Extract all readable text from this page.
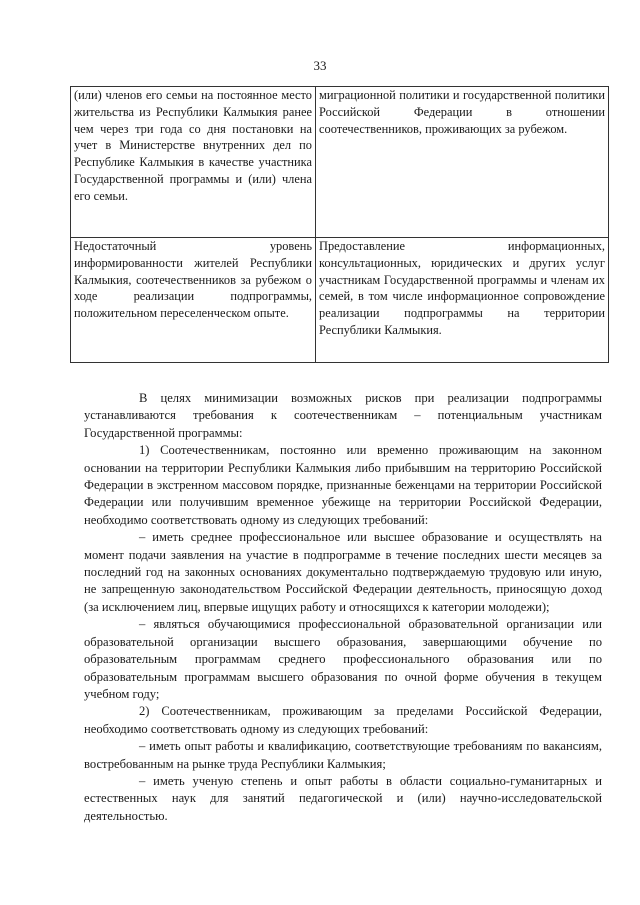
33
(или) членов его семьи на постоянное место жительства из Республики Калмыкия ранее чем через три года со дня постановки на учет в Министерстве внутренних дел по Республике Калмыкия в качестве участника Государственной программы и (или) члена его семьи.	миграционной политики и государственной политики Российской Федерации в отношении соотечественников, проживающих за рубежом.
Недостаточный уровень информированности жителей Республики Калмыкия, соотечественников за рубежом о ходе реализации подпрограммы, положительном переселенческом опыте.	Предоставление информационных, консультационных, юридических и других услуг участникам Государственной программы и членам их семей, в том числе информационное сопровождение реализации подпрограммы на территории Республики Калмыкия.

В целях минимизации возможных рисков при реализации подпрограммы устанавливаются требования к соотечественникам – потенциальным участникам Государственной программы:

1) Соотечественникам, постоянно или временно проживающим на законном основании на территории Республики Калмыкия либо прибывшим на территорию Российской Федерации в экстренном массовом порядке, признанные беженцами на территории Российской Федерации или получившим временное убежище на территории Российской Федерации, необходимо соответствовать одному из следующих требований:

– иметь среднее профессиональное или высшее образование и осуществлять на момент подачи заявления на участие в подпрограмме в течение последних шести месяцев за последний год на законных основаниях документально подтверждаемую трудовую или иную, не запрещенную законодательством Российской Федерации деятельность, приносящую доход (за исключением лиц, впервые ищущих работу и относящихся к категории молодежи);

– являться обучающимися профессиональной образовательной организации или образовательной организации высшего образования, завершающими обучение по образовательным программам среднего профессионального образования или по образовательным программам высшего образования по очной форме обучения в текущем учебном году;

2) Соотечественникам, проживающим за пределами Российской Федерации, необходимо соответствовать одному из следующих требований:

– иметь опыт работы и квалификацию, соответствующие требованиям по вакансиям, востребованным на рынке труда Республики Калмыкия;

– иметь ученую степень и опыт работы в области социально-гуманитарных и естественных наук для занятий педагогической и (или) научно-исследовательской деятельностью.
